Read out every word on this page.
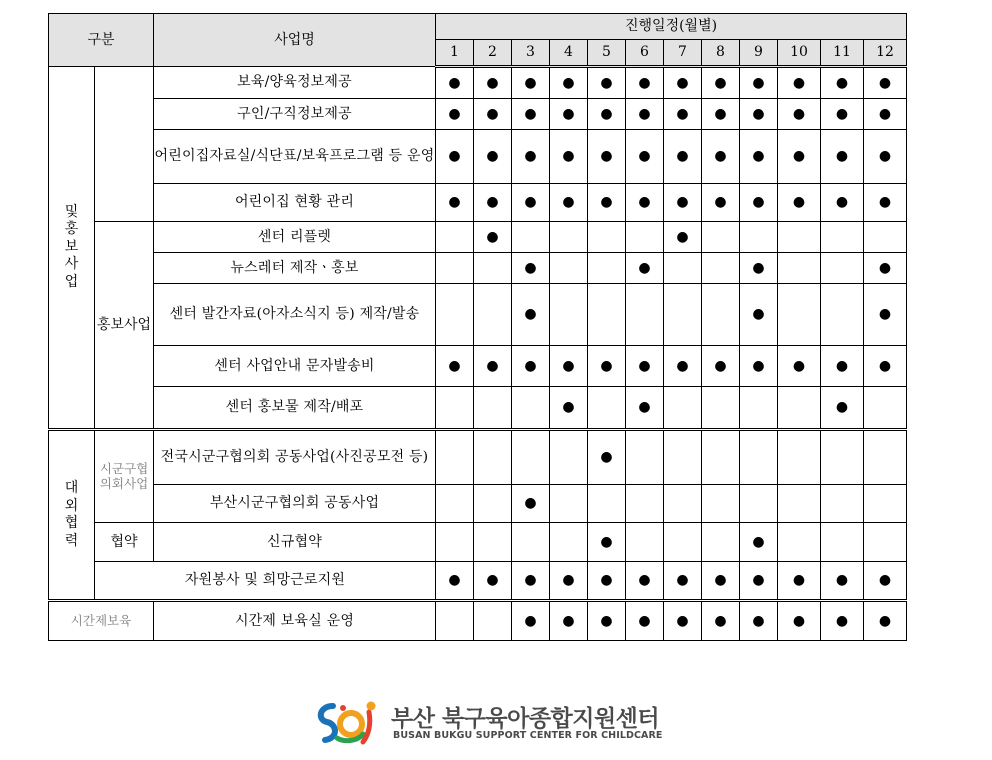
구분		사업명	진행일정(월별)											
			1	2	3	4	5	6	7	8	9	10	11	12
및홍보사업		보육/양육정보제공	●	●	●	●	●	●	●	●	●	●	●	●
		구인/구직정보제공	●	●	●	●	●	●	●	●	●	●	●	●
		어린이집자료실/식단표/보육프로그램 등 운영	●	●	●	●	●	●	●	●	●	●	●	●
		어린이집 현황 관리	●	●	●	●	●	●	●	●	●	●	●	●
	홍보사업	센터 리플렛		●					●					
		뉴스레터 제작ㆍ홍보			●			●			●			●
		센터 발간자료(아자소식지 등) 제작/발송			●						●			●
		센터 사업안내 문자발송비	●	●	●	●	●	●	●	●	●	●	●	●
		센터 홍보물 제작/배포				●		●					●	
대외협력	시군구협의회사업	전국시군구협의회 공동사업(사진공모전 등)					●							
		부산시군구협의회 공동사업			●									
	협약	신규협약					●				●			
	자원봉사 및 희망근로지원		●	●	●	●	●	●	●	●	●	●	●	●
시간제보육		시간제 보육실 운영			●	●	●	●	●	●	●	●	●	●
부산 북구육아종합지원센터
BUSAN BUKGU SUPPORT CENTER FOR CHILDCARE
